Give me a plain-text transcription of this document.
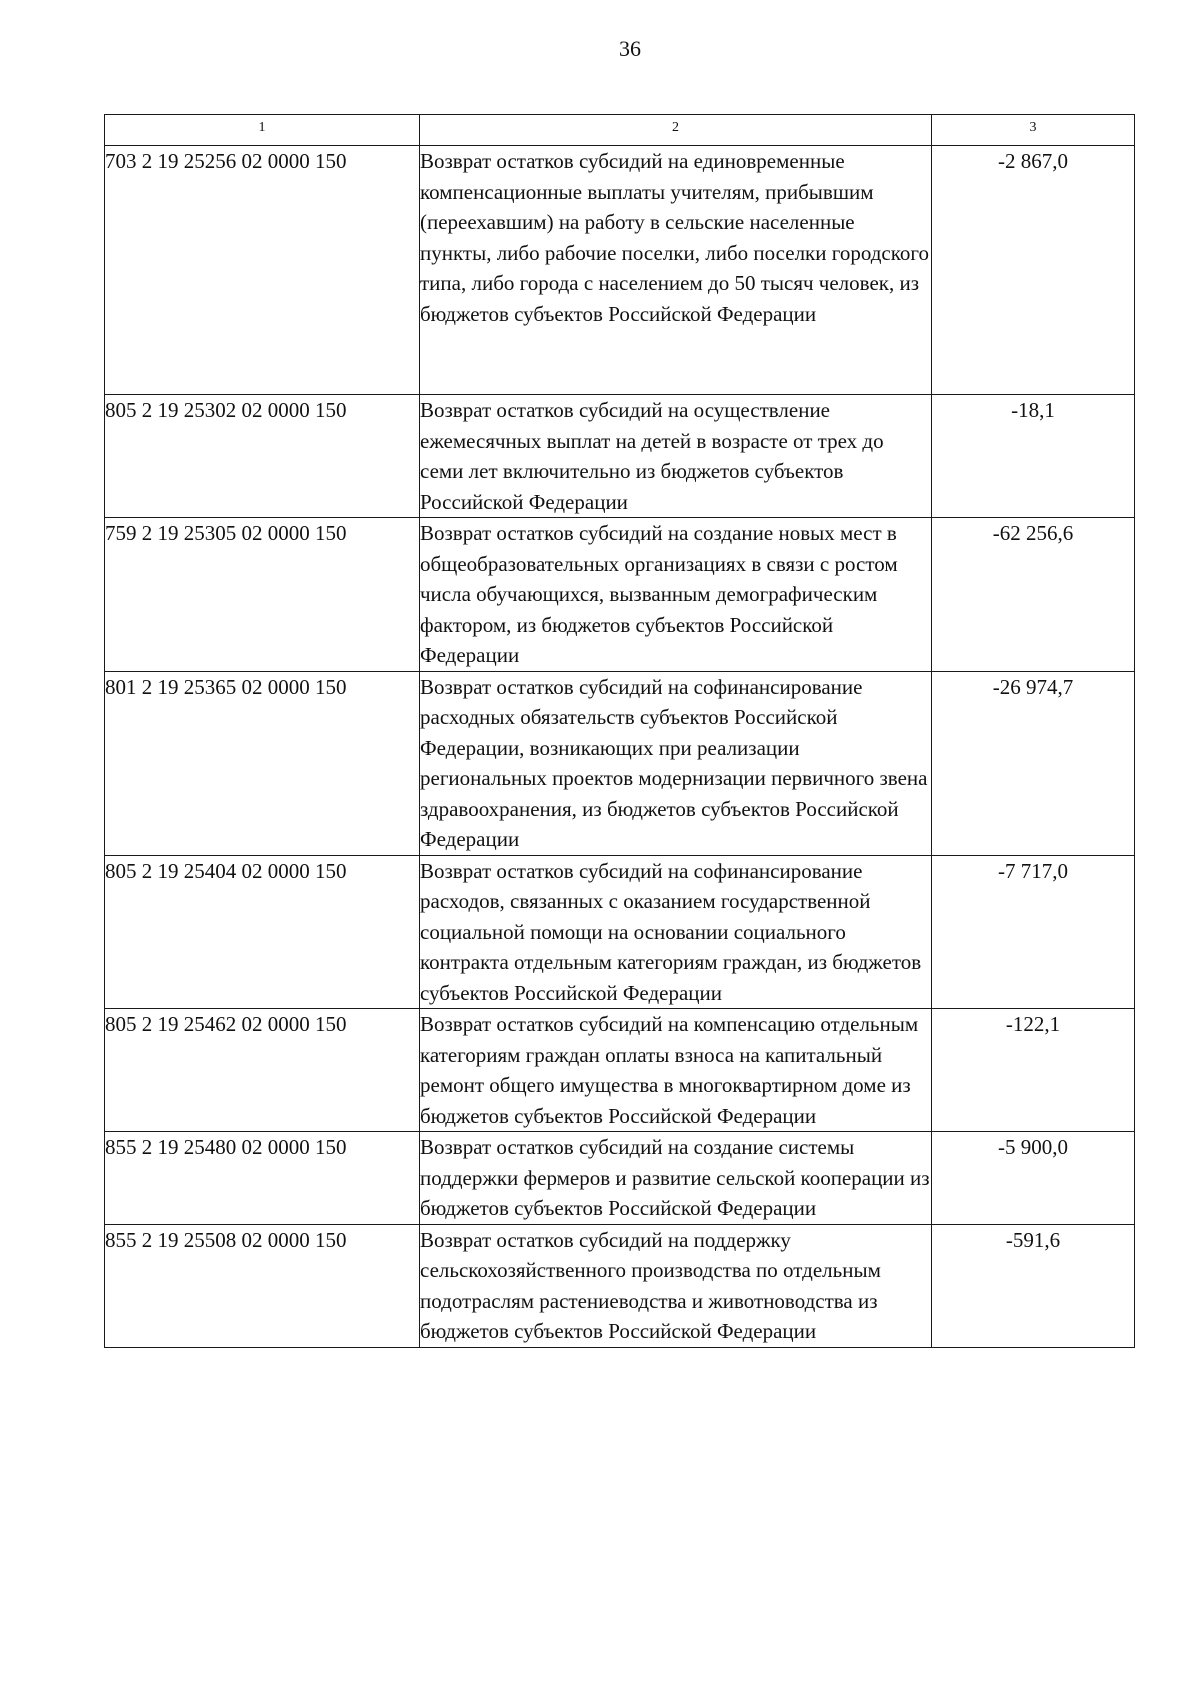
36
1	2	3
703 2 19 25256 02 0000 150	Возврат остатков субсидий на единовременные компенсационные выплаты учителям, прибывшим (переехавшим) на работу в сельские населенные пункты, либо рабочие поселки, либо поселки городского типа, либо города с населением до 50 тысяч человек, из бюджетов субъектов Российской Федерации	-2 867,0
805 2 19 25302 02 0000 150	Возврат остатков субсидий на осуществление ежемесячных выплат на детей в возрасте от трех до семи лет включительно из бюджетов субъектов Российской Федерации	-18,1
759 2 19 25305 02 0000 150	Возврат остатков субсидий на создание новых мест в общеобразовательных организациях в связи с ростом числа обучающихся, вызванным демографическим фактором, из бюджетов субъектов Российской Федерации	-62 256,6
801 2 19 25365 02 0000 150	Возврат остатков субсидий на софинансирование расходных обязательств субъектов Российской Федерации, возникающих при реализации региональных проектов модернизации первичного звена здравоохранения, из бюджетов субъектов Российской Федерации	-26 974,7
805 2 19 25404 02 0000 150	Возврат остатков субсидий на софинансирование расходов, связанных с оказанием государственной социальной помощи на основании социального контракта отдельным категориям граждан, из бюджетов субъектов Российской Федерации	-7 717,0
805 2 19 25462 02 0000 150	Возврат остатков субсидий на компенсацию отдельным категориям граждан оплаты взноса на капитальный ремонт общего имущества в многоквартирном доме из бюджетов субъектов Российской Федерации	-122,1
855 2 19 25480 02 0000 150	Возврат остатков субсидий на создание системы поддержки фермеров и развитие сельской кооперации из бюджетов субъектов Российской Федерации	-5 900,0
855 2 19 25508 02 0000 150	Возврат остатков субсидий на поддержку сельскохозяйственного производства по отдельным подотраслям растениеводства и животноводства из бюджетов субъектов Российской Федерации	-591,6
